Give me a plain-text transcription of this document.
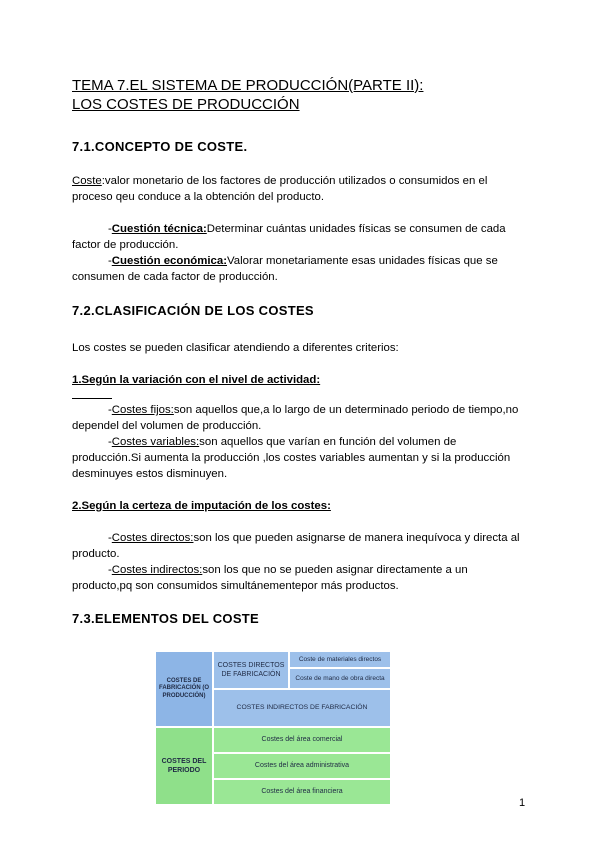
TEMA 7.EL SISTEMA DE PRODUCCIÓN(PARTE II):
LOS COSTES DE PRODUCCIÓN
7.1.CONCEPTO DE COSTE.
Coste:valor monetario de los factores de producción utilizados o consumidos en el proceso qeu conduce a la obtención del producto.
-Cuestión técnica:Determinar cuántas unidades físicas se consumen de cada factor de producción.
-Cuestión económica:Valorar monetariamente esas unidades físicas que se consumen de cada factor de producción.
7.2.CLASIFICACIÓN DE LOS COSTES
Los costes se pueden clasificar atendiendo a diferentes criterios:
1.Según la variación con el nivel de actividad:
-Costes fijos:son aquellos que,a lo largo de un determinado periodo de tiempo,no dependel del volumen de producción.
-Costes variables:son aquellos que varían en función del volumen de producción.Si aumenta la producción ,los costes variables aumentan y si la producción desminuyes estos disminuyen.
2.Según la certeza de imputación de los costes:
-Costes directos:son los que pueden asignarse de manera inequívoca y directa al producto.
-Costes indirectos:son los que no se pueden asignar directamente a un producto,pq son consumidos simultánementepor más productos.
7.3.ELEMENTOS DEL COSTE
COSTES DE FABRICACIÓN (O PRODUCCIÓN)
COSTES DIRECTOS DE FABRICACIÓN
Coste de materiales directos
Coste de mano de obra directa
COSTES INDIRECTOS DE FABRICACIÓN
COSTES DEL PERIODO
Costes del área comercial
Costes del área administrativa
Costes del área financiera
1
